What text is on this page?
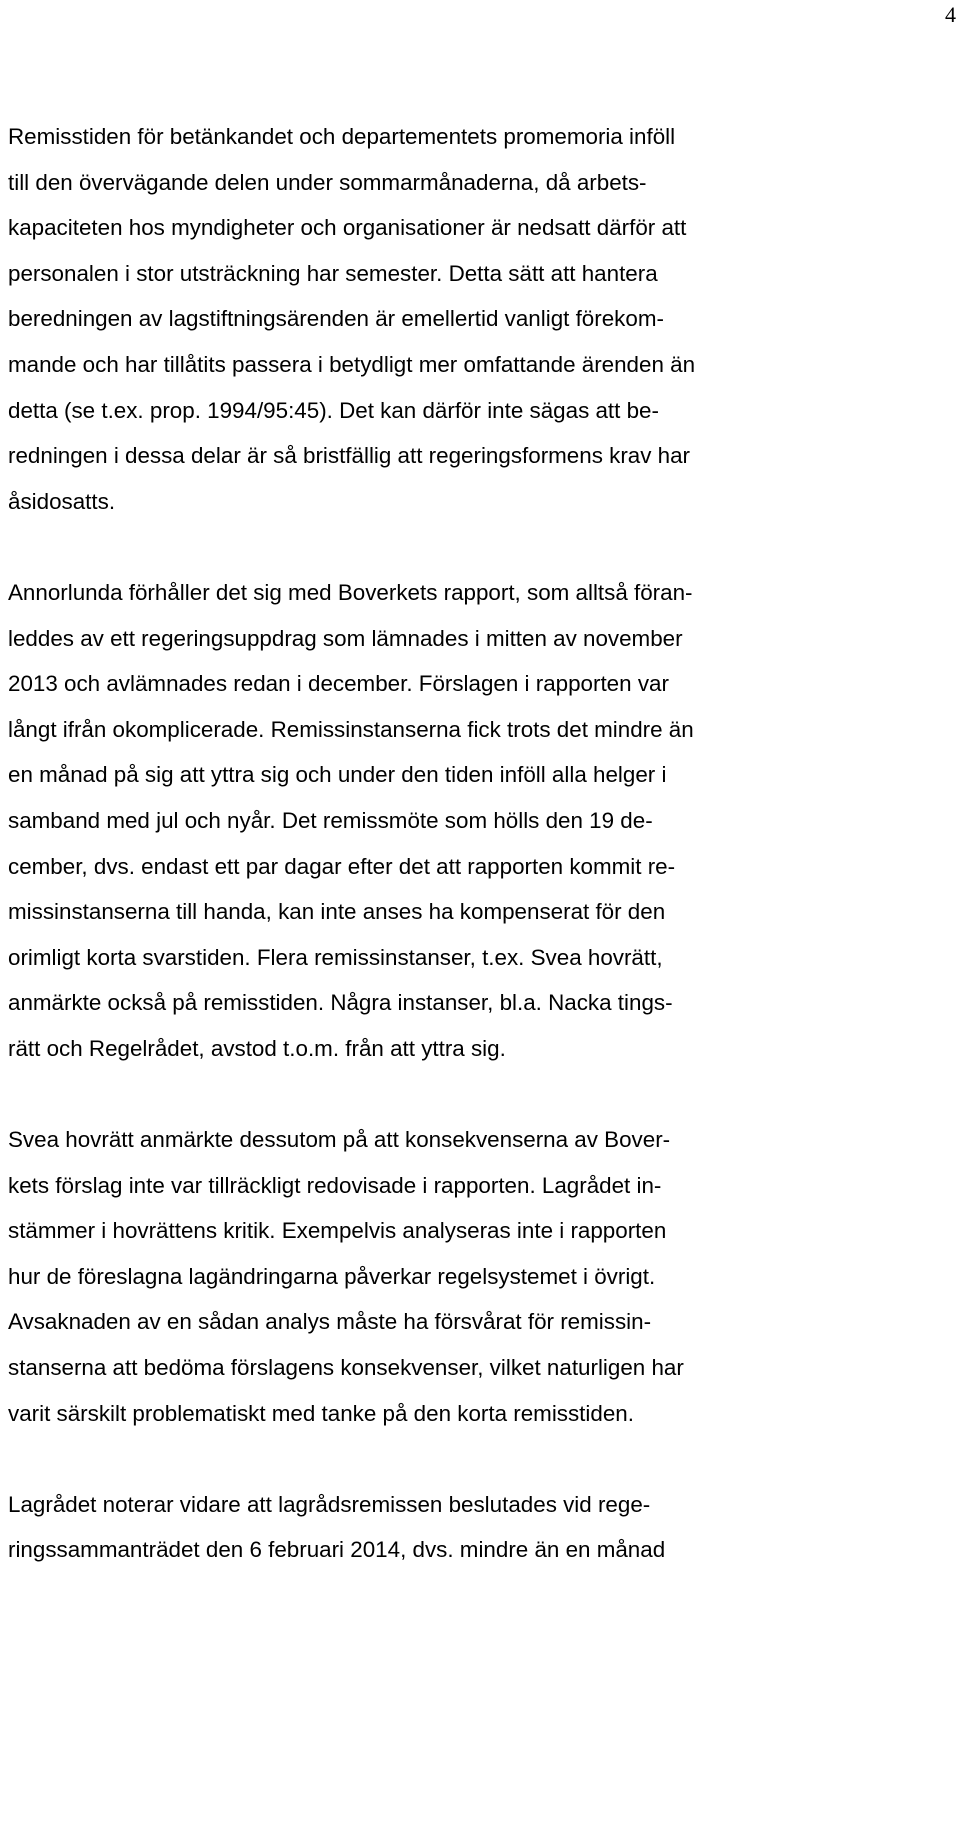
4
Remisstiden för betänkandet och departementets promemoria inföll
till den övervägande delen under sommarmånaderna, då arbets-
kapaciteten hos myndigheter och organisationer är nedsatt därför att
personalen i stor utsträckning har semester. Detta sätt att hantera
beredningen av lagstiftningsärenden är emellertid vanligt förekom-
mande och har tillåtits passera i betydligt mer omfattande ärenden än
detta (se t.ex. prop. 1994/95:45). Det kan därför inte sägas att be-
redningen i dessa delar är så bristfällig att regeringsformens krav har
åsidosatts.
Annorlunda förhåller det sig med Boverkets rapport, som alltså föran-
leddes av ett regeringsuppdrag som lämnades i mitten av november
2013 och avlämnades redan i december. Förslagen i rapporten var
långt ifrån okomplicerade. Remissinstanserna fick trots det mindre än
en månad på sig att yttra sig och under den tiden inföll alla helger i
samband med jul och nyår. Det remissmöte som hölls den 19 de-
cember, dvs. endast ett par dagar efter det att rapporten kommit re-
missinstanserna till handa, kan inte anses ha kompenserat för den
orimligt korta svarstiden. Flera remissinstanser, t.ex. Svea hovrätt,
anmärkte också på remisstiden. Några instanser, bl.a. Nacka tings-
rätt och Regelrådet, avstod t.o.m. från att yttra sig.
Svea hovrätt anmärkte dessutom på att konsekvenserna av Bover-
kets förslag inte var tillräckligt redovisade i rapporten. Lagrådet in-
stämmer i hovrättens kritik. Exempelvis analyseras inte i rapporten
hur de föreslagna lagändringarna påverkar regelsystemet i övrigt.
Avsaknaden av en sådan analys måste ha försvårat för remissin-
stanserna att bedöma förslagens konsekvenser, vilket naturligen har
varit särskilt problematiskt med tanke på den korta remisstiden.
Lagrådet noterar vidare att lagrådsremissen beslutades vid rege-
ringssammanträdet den 6 februari 2014, dvs. mindre än en månad
